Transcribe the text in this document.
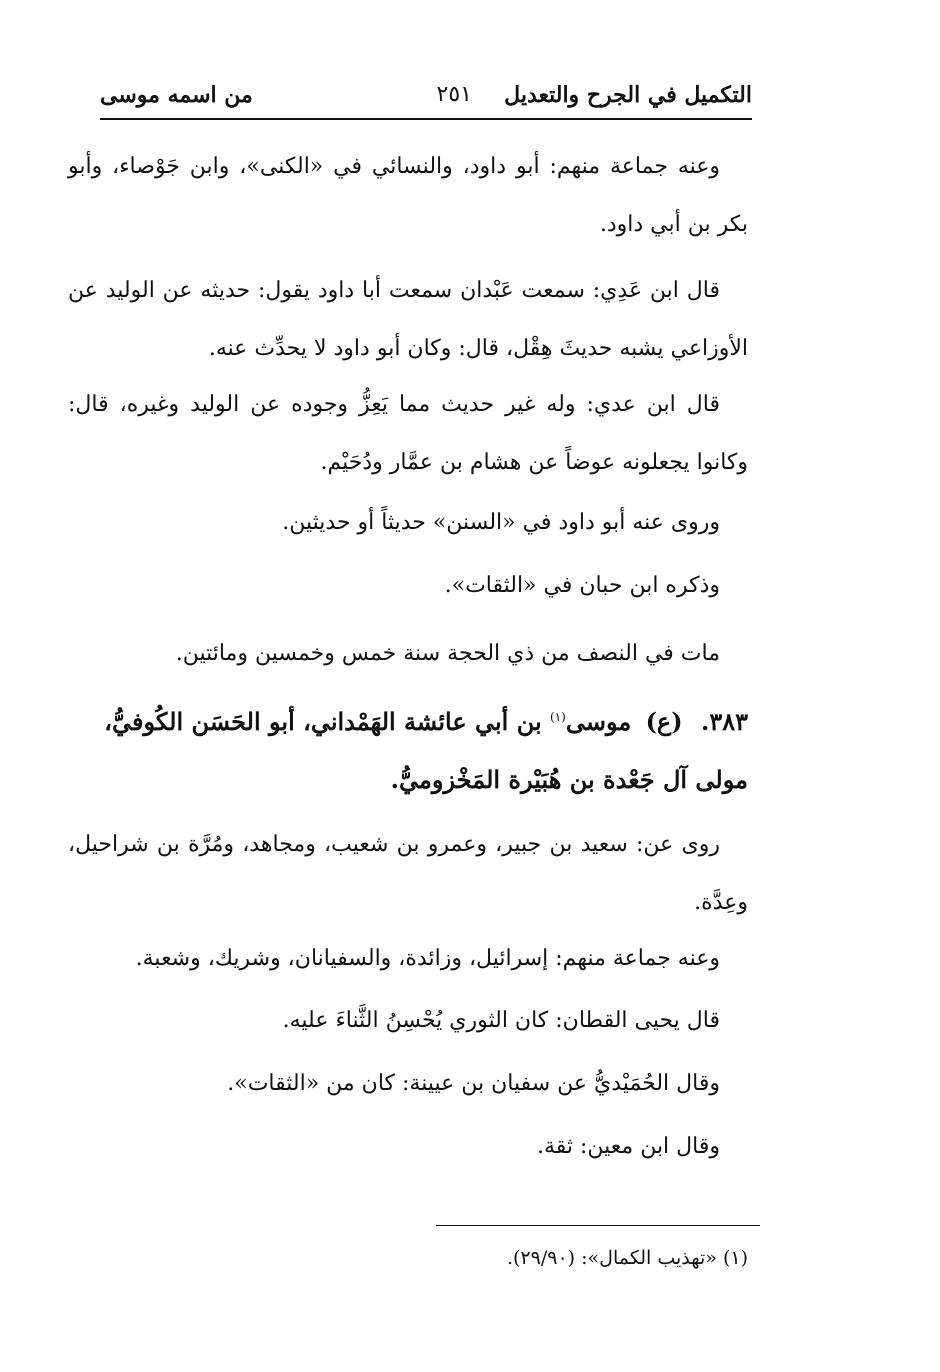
التكميل في الجرح والتعديل
٢٥١
من اسمه موسى

وعنه جماعة منهم: أبو داود، والنسائي في «الكنى»، وابن جَوْصاء، وأبو بكر بن أبي داود.

قال ابن عَدِي: سمعت عَبْدان سمعت أبا داود يقول: حديثه عن الوليد عن الأوزاعي يشبه حديثَ هِقْل، قال: وكان أبو داود لا يحدِّث عنه.

قال ابن عدي: وله غير حديث مما يَعِزُّ وجوده عن الوليد وغيره، قال: وكانوا يجعلونه عوضاً عن هشام بن عمَّار ودُحَيْم.

وروى عنه أبو داود في «السنن» حديثاً أو حديثين.

وذكره ابن حبان في «الثقات».

مات في النصف من ذي الحجة سنة خمس وخمسين ومائتين.

٣٨٣. (ع) موسى$^{(١)}$ بن أبي عائشة الهَمْداني، أبو الحَسَن الكُوفيُّ، مولى آل جَعْدة بن هُبَيْرة المَخْزوميُّ.

روى عن: سعيد بن جبير، وعمرو بن شعيب، ومجاهد، ومُرَّة بن شراحيل، وعِدَّة.

وعنه جماعة منهم: إسرائيل، وزائدة، والسفيانان، وشريك، وشعبة.

قال يحيى القطان: كان الثوري يُحْسِنُ الثَّناءَ عليه.

وقال الحُمَيْديُّ عن سفيان بن عيينة: كان من «الثقات».

وقال ابن معين: ثقة.

(١) «تهذيب الكمال»: (٢٩/٩٠).
